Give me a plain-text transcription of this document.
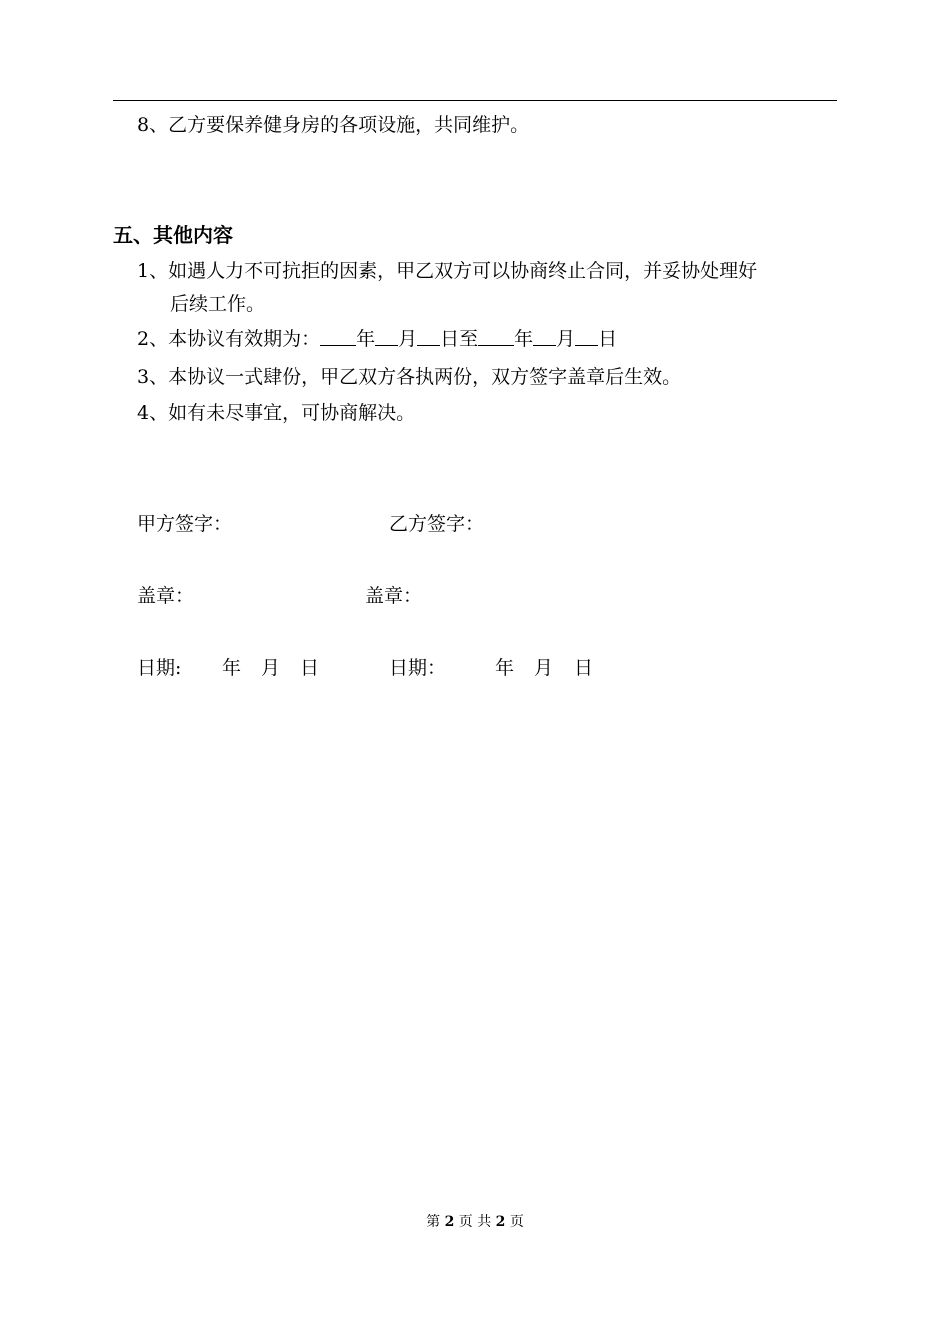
8、乙方要保养健身房的各项设施，共同维护。
五、其他内容
1、如遇人力不可抗拒的因素，甲乙双方可以协商终止合同，并妥协处理好
后续工作。
2、本协议有效期为： 年 月 日至 年 月 日
3、本协议一式肆份，甲乙双方各执两份，双方签字盖章后生效。
4、如有未尽事宜，可协商解决。
甲方签字：	乙方签字：
盖章：	盖章：
日期: 年 月 日	日期：	年 月 日
第 2 页 共 2 页
